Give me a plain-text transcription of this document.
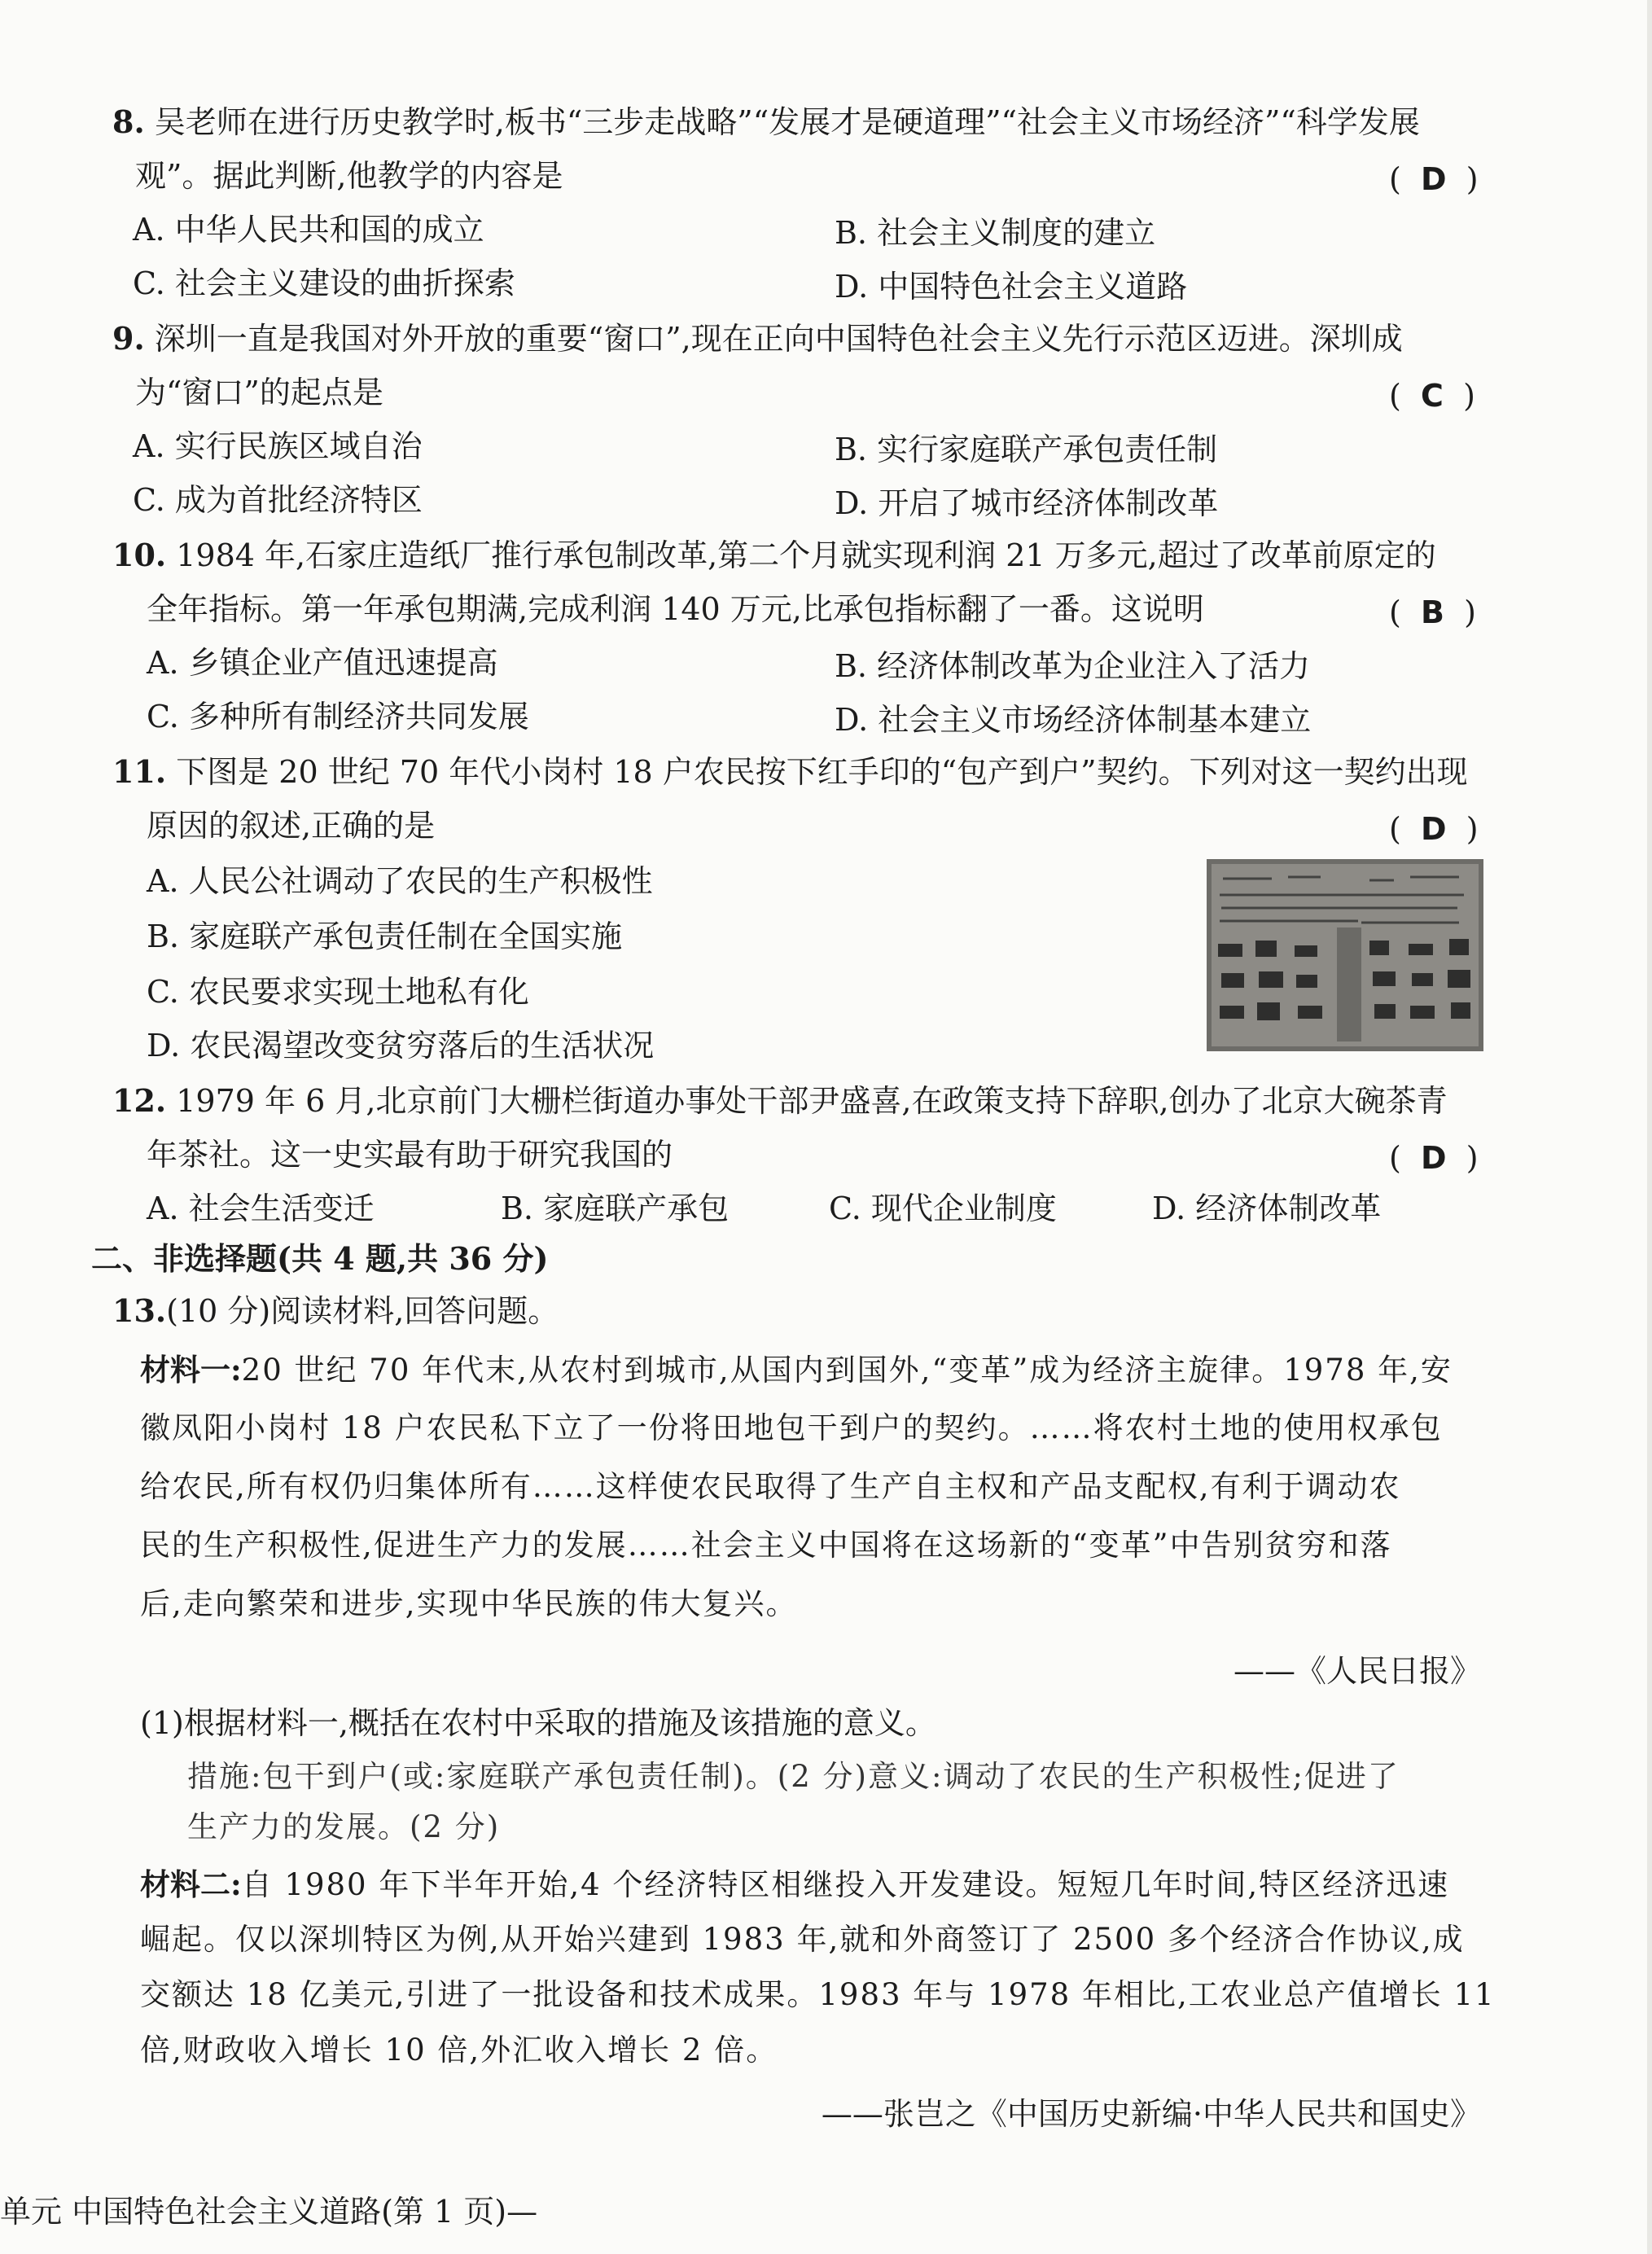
8. 吴老师在进行历史教学时,板书“三步走战略”“发展才是硬道理”“社会主义市场经济”“科学发展
观”。据此判断,他教学的内容是	( D )
A. 中华人民共和国的成立	B. 社会主义制度的建立
C. 社会主义建设的曲折探索	D. 中国特色社会主义道路
9. 深圳一直是我国对外开放的重要“窗口”,现在正向中国特色社会主义先行示范区迈进。深圳成
为“窗口”的起点是	( C )
A. 实行民族区域自治	B. 实行家庭联产承包责任制
C. 成为首批经济特区	D. 开启了城市经济体制改革
10. 1984 年,石家庄造纸厂推行承包制改革,第二个月就实现利润 21 万多元,超过了改革前原定的
全年指标。第一年承包期满,完成利润 140 万元,比承包指标翻了一番。这说明	( B )
A. 乡镇企业产值迅速提高	B. 经济体制改革为企业注入了活力
C. 多种所有制经济共同发展	D. 社会主义市场经济体制基本建立
11. 下图是 20 世纪 70 年代小岗村 18 户农民按下红手印的“包产到户”契约。下列对这一契约出现
原因的叙述,正确的是	( D )
A. 人民公社调动了农民的生产积极性
B. 家庭联产承包责任制在全国实施
C. 农民要求实现土地私有化
D. 农民渴望改变贫穷落后的生活状况
12. 1979 年 6 月,北京前门大栅栏街道办事处干部尹盛喜,在政策支持下辞职,创办了北京大碗茶青
年茶社。这一史实最有助于研究我国的	( D )
A. 社会生活变迁	B. 家庭联产承包	C. 现代企业制度	D. 经济体制改革
二、非选择题(共 4 题,共 36 分)
13.(10 分)阅读材料,回答问题。
材料一:20 世纪 70 年代末,从农村到城市,从国内到国外,“变革”成为经济主旋律。1978 年,安
徽凤阳小岗村 18 户农民私下立了一份将田地包干到户的契约。……将农村土地的使用权承包
给农民,所有权仍归集体所有……这样使农民取得了生产自主权和产品支配权,有利于调动农
民的生产积极性,促进生产力的发展……社会主义中国将在这场新的“变革”中告别贫穷和落
后,走向繁荣和进步,实现中华民族的伟大复兴。
——《人民日报》
(1)根据材料一,概括在农村中采取的措施及该措施的意义。
措施:包干到户(或:家庭联产承包责任制)。(2 分)意义:调动了农民的生产积极性;促进了
生产力的发展。(2 分)
材料二:自 1980 年下半年开始,4 个经济特区相继投入开发建设。短短几年时间,特区经济迅速
崛起。仅以深圳特区为例,从开始兴建到 1983 年,就和外商签订了 2500 多个经济合作协议,成
交额达 18 亿美元,引进了一批设备和技术成果。1983 年与 1978 年相比,工农业总产值增长 11
倍,财政收入增长 10 倍,外汇收入增长 2 倍。
——张岂之《中国历史新编·中华人民共和国史》
单元 中国特色社会主义道路(第 1 页)—
